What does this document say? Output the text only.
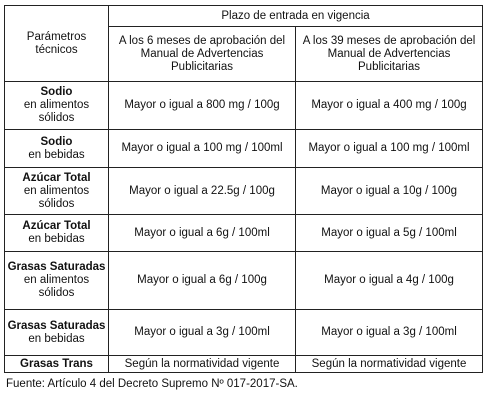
Parámetros técnicos	Plazo de entrada en vigencia	
	A los 6 meses de aprobación del Manual de Advertencias Publicitarias	A los 39 meses de aprobación del Manual de Advertencias Publicitarias

Sodio
en alimentos sólidos	Mayor o igual a 800 mg / 100g	Mayor o igual a 400 mg / 100g

Sodio
en bebidas	Mayor o igual a 100 mg / 100ml	Mayor o igual a 100 mg / 100ml

Azúcar Total
en alimentos sólidos	Mayor o igual a 22.5g / 100g	Mayor o igual a 10g / 100g

Azúcar Total
en bebidas	Mayor o igual a 6g / 100ml	Mayor o igual a 5g / 100ml

Grasas Saturadas
en alimentos sólidos	Mayor o igual a 6g / 100g	Mayor o igual a 4g / 100g

Grasas Saturadas
en bebidas	Mayor o igual a 3g / 100ml	Mayor o igual a 3g / 100ml

Grasas Trans	Según la normatividad vigente	Según la normatividad vigente
Fuente: Artículo 4 del Decreto Supremo Nº 017-2017-SA.
